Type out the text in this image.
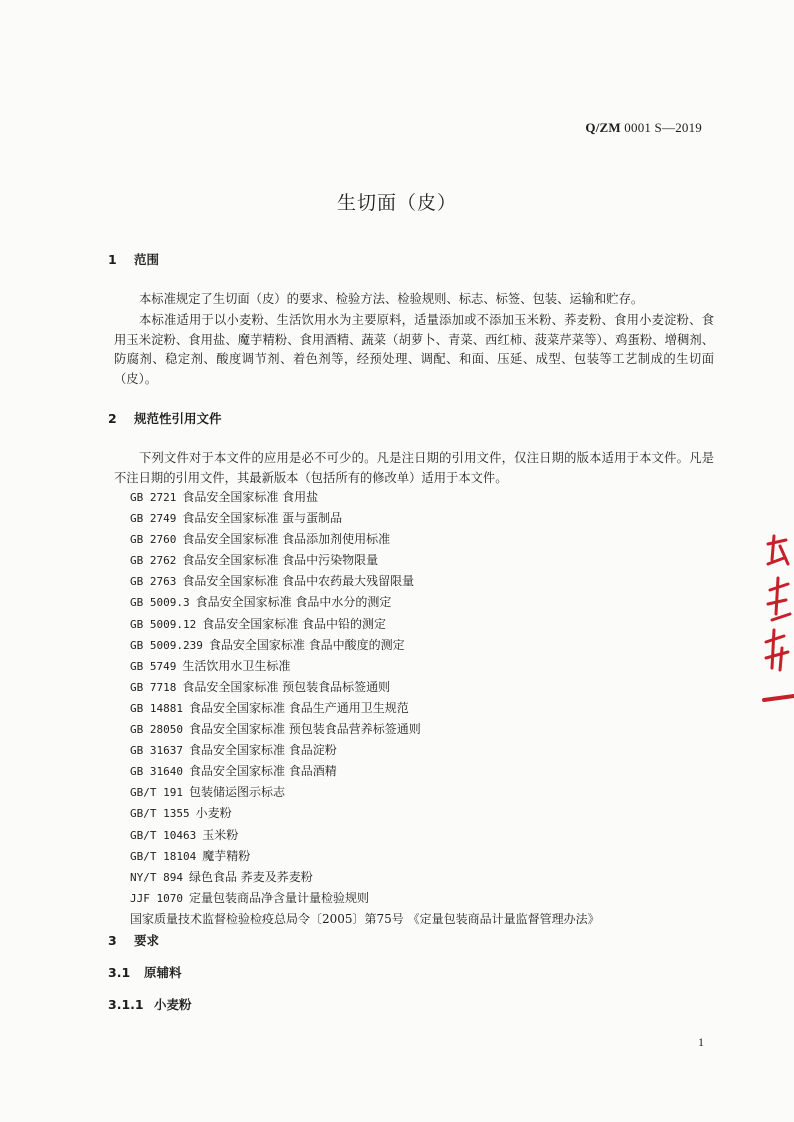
Q/ZM 0001 S—2019
生切面（皮）
1 范围

本标准规定了生切面（皮）的要求、检验方法、检验规则、标志、标签、包装、运输和贮存。

本标准适用于以小麦粉、生活饮用水为主要原料，适量添加或不添加玉米粉、荞麦粉、食用小麦淀粉、食用玉米淀粉、食用盐、魔芋精粉、食用酒精、蔬菜（胡萝卜、青菜、西红柿、菠菜芹菜等）、鸡蛋粉、增稠剂、防腐剂、稳定剂、酸度调节剂、着色剂等，经预处理、调配、和面、压延、成型、包装等工艺制成的生切面（皮）。

2 规范性引用文件

下列文件对于本文件的应用是必不可少的。凡是注日期的引用文件，仅注日期的版本适用于本文件。凡是不注日期的引用文件，其最新版本（包括所有的修改单）适用于本文件。

GB 2721 食品安全国家标准 食用盐
GB 2749 食品安全国家标准 蛋与蛋制品
GB 2760 食品安全国家标准 食品添加剂使用标准
GB 2762 食品安全国家标准 食品中污染物限量
GB 2763 食品安全国家标准 食品中农药最大残留限量
GB 5009.3 食品安全国家标准 食品中水分的测定
GB 5009.12 食品安全国家标准 食品中铅的测定
GB 5009.239 食品安全国家标准 食品中酸度的测定
GB 5749 生活饮用水卫生标准
GB 7718 食品安全国家标准 预包装食品标签通则
GB 14881 食品安全国家标准 食品生产通用卫生规范
GB 28050 食品安全国家标准 预包装食品营养标签通则
GB 31637 食品安全国家标准 食品淀粉
GB 31640 食品安全国家标准 食品酒精
GB/T 191 包装储运图示标志
GB/T 1355 小麦粉
GB/T 10463 玉米粉
GB/T 18104 魔芋精粉
NY/T 894 绿色食品 荞麦及荞麦粉
JJF 1070 定量包装商品净含量计量检验规则
国家质量技术监督检验检疫总局令〔2005〕第75号 《定量包装商品计量监督管理办法》
3 要求
3.1 原辅料
3.1.1 小麦粉
1
